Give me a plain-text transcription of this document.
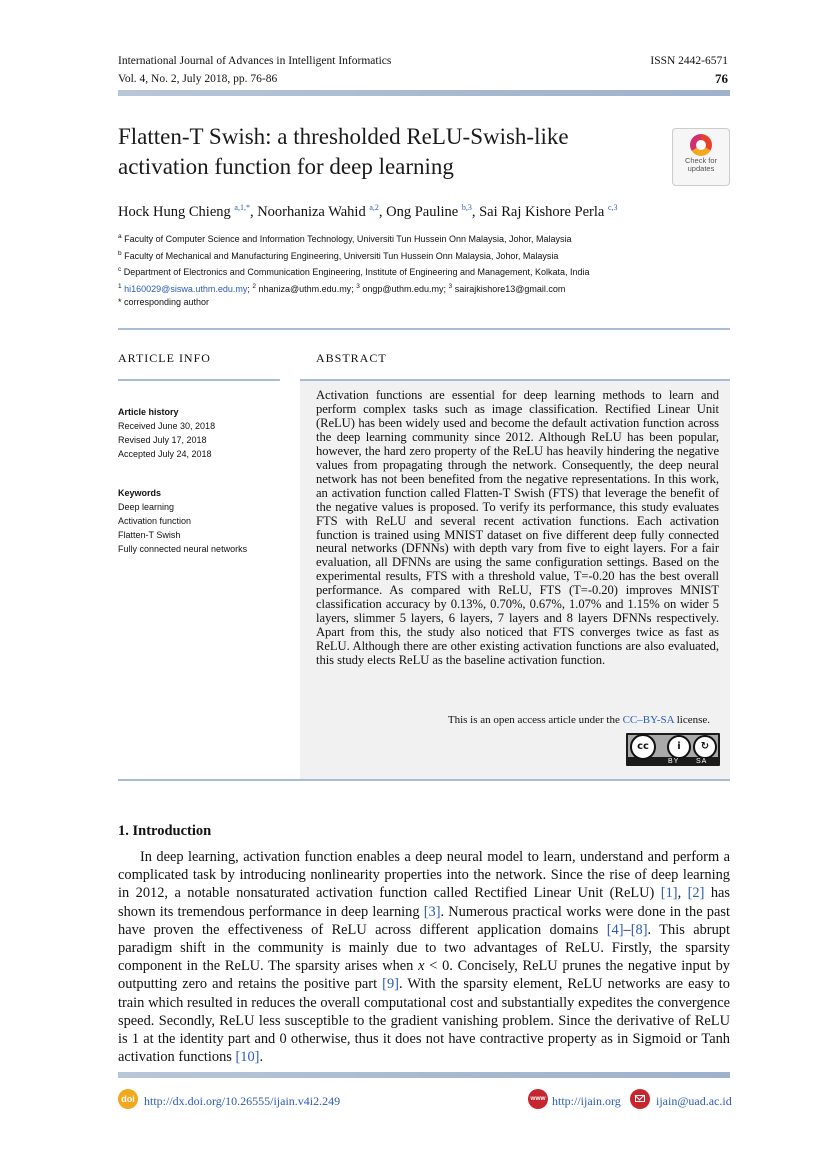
International Journal of Advances in Intelligent Informatics
Vol. 4, No. 2, July 2018, pp. 76-86
ISSN 2442-6571
76
Flatten-T Swish: a thresholded ReLU-Swish-like
activation function for deep learning	Check for
updates
Hock Hung Chieng $^{a,1,*}$, Noorhaniza Wahid $^{a,2}$, Ong Pauline $^{b,3}$, Sai Raj Kishore Perla $^{c,3}$
$^a$ Faculty of Computer Science and Information Technology, Universiti Tun Hussein Onn Malaysia, Johor, Malaysia
$^b$ Faculty of Mechanical and Manufacturing Engineering, Universiti Tun Hussein Onn Malaysia, Johor, Malaysia
$^c$ Department of Electronics and Communication Engineering, Institute of Engineering and Management, Kolkata, India
$^1$ hi160029@siswa.uthm.edu.my; $^2$ nhaniza@uthm.edu.my; $^3$ ongp@uthm.edu.my; $^3$ sairajkishore13@gmail.com
* corresponding author
ARTICLE INFO	ABSTRACT
Article history
Received June 30, 2018
Revised July 17, 2018
Accepted July 24, 2018
Keywords
Deep learning
Activation function
Flatten-T Swish
Fully connected neural networks
Activation functions are essential for deep learning methods to learn and perform complex tasks such as image classification. Rectified Linear Unit (ReLU) has been widely used and become the default activation function across the deep learning community since 2012. Although ReLU has been popular, however, the hard zero property of the ReLU has heavily hindering the negative values from propagating through the network. Consequently, the deep neural network has not been benefited from the negative representations. In this work, an activation function called Flatten-T Swish (FTS) that leverage the benefit of the negative values is proposed. To verify its performance, this study evaluates FTS with ReLU and several recent activation functions. Each activation function is trained using MNIST dataset on five different deep fully connected neural networks (DFNNs) with depth vary from five to eight layers. For a fair evaluation, all DFNNs are using the same configuration settings. Based on the experimental results, FTS with a threshold value, T=-0.20 has the best overall performance. As compared with ReLU, FTS (T=-0.20) improves MNIST classification accuracy by 0.13%, 0.70%, 0.67%, 1.07% and 1.15% on wider 5 layers, slimmer 5 layers, 6 layers, 7 layers and 8 layers DFNNs respectively. Apart from this, the study also noticed that FTS converges twice as fast as ReLU. Although there are other existing activation functions are also evaluated, this study elects ReLU as the baseline activation function.
This is an open access article under the CC–BY-SA license.
cc	i	↻
BY SA
1. Introduction

In deep learning, activation function enables a deep neural model to learn, understand and perform a complicated task by introducing nonlinearity properties into the network. Since the rise of deep learning in 2012, a notable nonsaturated activation function called Rectified Linear Unit (ReLU) [1], [2] has shown its tremendous performance in deep learning [3]. Numerous practical works were done in the past have proven the effectiveness of ReLU across different application domains [4]–[8]. This abrupt paradigm shift in the community is mainly due to two advantages of ReLU. Firstly, the sparsity component in the ReLU. The sparsity arises when x < 0. Concisely, ReLU prunes the negative input by outputting zero and retains the positive part [9]. With the sparsity element, ReLU networks are easy to train which resulted in reduces the overall computational cost and substantially expedites the convergence speed. Secondly, ReLU less susceptible to the gradient vanishing problem. Since the derivative of ReLU is 1 at the identity part and 0 otherwise, thus it does not have contractive property as in Sigmoid or Tanh activation functions [10].

doi http://dx.doi.org/10.26555/ijain.v4i2.249	www http://ijain.org	ijain@uad.ac.id
